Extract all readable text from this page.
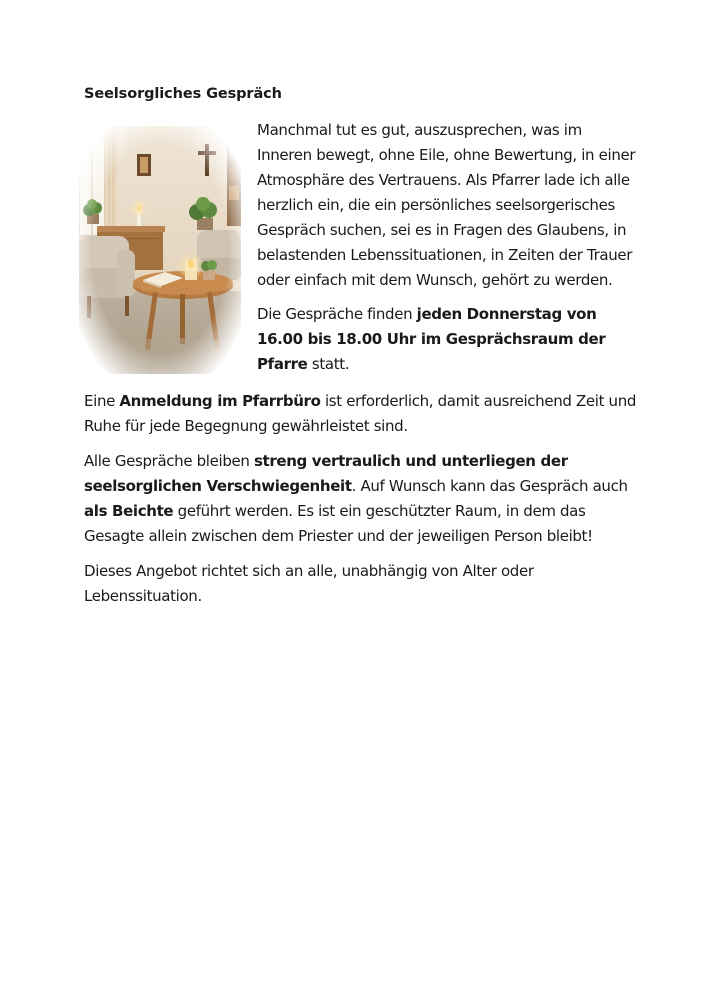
Seelsorgliches Gespräch

Manchmal tut es gut, auszusprechen, was im Inneren bewegt, ohne Eile, ohne Bewertung, in einer Atmosphäre des Vertrauens. Als Pfarrer lade ich alle herzlich ein, die ein persönliches seelsorgerisches Gespräch suchen, sei es in Fragen des Glaubens, in belastenden Lebenssituationen, in Zeiten der Trauer oder einfach mit dem Wunsch, gehört zu werden.

Die Gespräche finden jeden Donnerstag von 16.00 bis 18.00 Uhr im Gesprächsraum der Pfarre statt.

Eine Anmeldung im Pfarrbüro ist erforderlich, damit ausreichend Zeit und Ruhe für jede Begegnung gewährleistet sind.

Alle Gespräche bleiben streng vertraulich und unterliegen der seelsorglichen Verschwiegenheit. Auf Wunsch kann das Gespräch auch als Beichte geführt werden. Es ist ein geschützter Raum, in dem das Gesagte allein zwischen dem Priester und der jeweiligen Person bleibt!

Dieses Angebot richtet sich an alle, unabhängig von Alter oder Lebenssituation.
